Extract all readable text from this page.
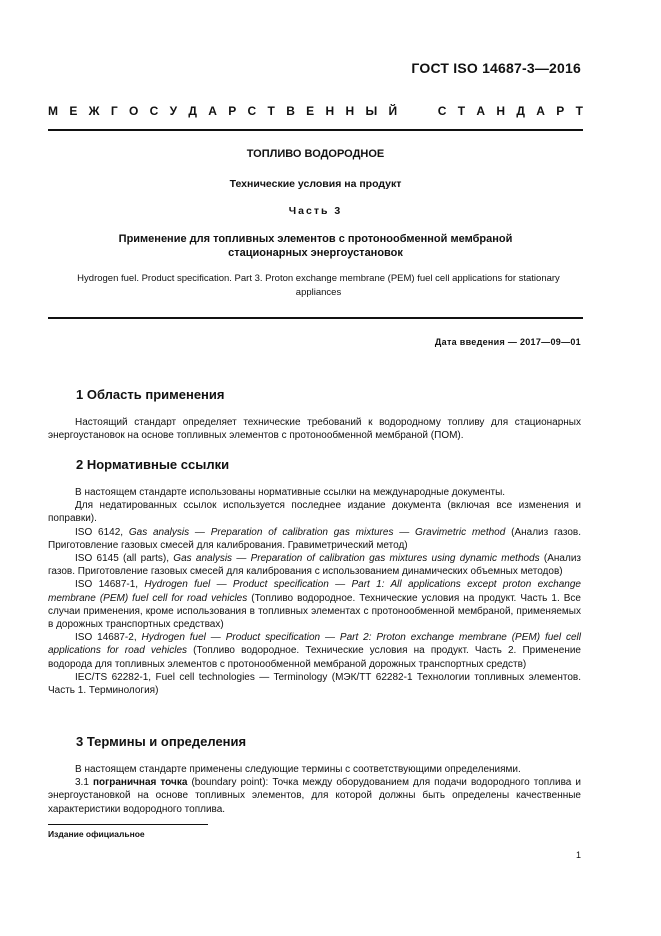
ГОСТ ISO 14687-3—2016
М Е Ж Г О С У Д А Р С Т В Е Н Н Ы Й	С Т А Н Д А Р Т
ТОПЛИВО ВОДОРОДНОЕ
Технические условия на продукт
Часть 3
Применение для топливных элементов с протонообменной мембраной
стационарных энергоустановок
Hydrogen fuel. Product specification. Part 3. Proton exchange membrane (PEM) fuel cell applications for stationary appliances
Дата введения — 2017—09—01
1 Область применения

Настоящий стандарт определяет технические требований к водородному топливу для стационарных энергоустановок на основе топливных элементов с протонообменной мембраной (ПОМ).

2 Нормативные ссылки

В настоящем стандарте использованы нормативные ссылки на международные документы.

Для недатированных ссылок используется последнее издание документа (включая все изменения и поправки).

ISO 6142, Gas analysis — Preparation of calibration gas mixtures — Gravimetric method (Анализ газов. Приготовление газовых смесей для калибрования. Гравиметрический метод)

ISO 6145 (all parts), Gas analysis — Preparation of calibration gas mixtures using dynamic methods (Анализ газов. Приготовление газовых смесей для калибрования с использованием динамических объемных методов)

ISO 14687-1, Hydrogen fuel — Product specification — Part 1: All applications except proton exchange membrane (PEM) fuel cell for road vehicles (Топливо водородное. Технические условия на продукт. Часть 1. Все случаи применения, кроме использования в топливных элементах с протонообменной мембраной, применяемых в дорожных транспортных средствах)

ISO 14687-2, Hydrogen fuel — Product specification — Part 2: Proton exchange membrane (PEM) fuel cell applications for road vehicles (Топливо водородное. Технические условия на продукт. Часть 2. Применение водорода для топливных элементов с протонообменной мембраной дорожных транспортных средств)

IEC/TS 62282-1, Fuel cell technologies — Terminology (МЭК/ТТ 62282-1 Технологии топливных элементов. Часть 1. Терминология)

3 Термины и определения

В настоящем стандарте применены следующие термины с соответствующими определениями.

3.1 пограничная точка (boundary point): Точка между оборудованием для подачи водородного топлива и энергоустановкой на основе топливных элементов, для которой должны быть определены качественные характеристики водородного топлива.

Издание официальное
1
